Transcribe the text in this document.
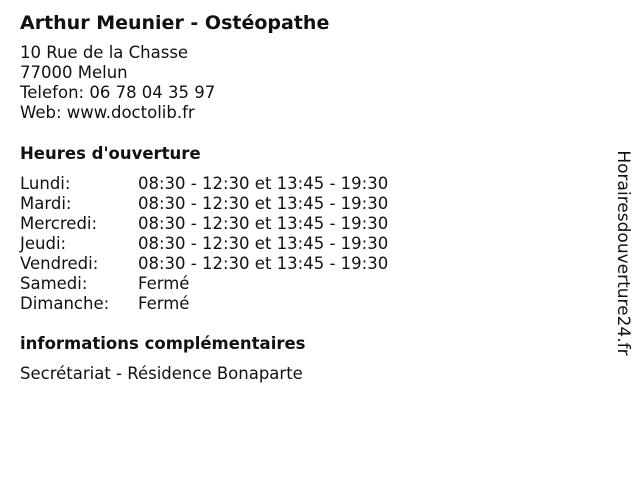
Arthur Meunier - Ostéopathe
10 Rue de la Chasse
77000 Melun
Telefon: 06 78 04 35 97
Web: www.doctolib.fr
Heures d'ouverture
Lundi:	08:30 - 12:30 et 13:45 - 19:30
Mardi:	08:30 - 12:30 et 13:45 - 19:30
Mercredi:	08:30 - 12:30 et 13:45 - 19:30
Jeudi:	08:30 - 12:30 et 13:45 - 19:30
Vendredi:	08:30 - 12:30 et 13:45 - 19:30
Samedi:	Fermé
Dimanche:	Fermé
informations complémentaires
Secrétariat - Résidence Bonaparte
Horairesdouverture24.fr
